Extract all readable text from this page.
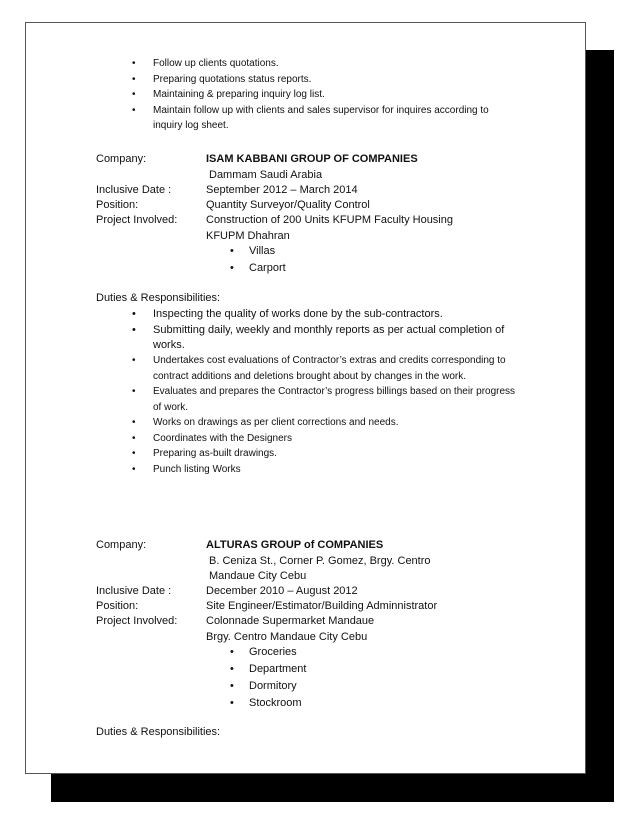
• Follow up clients quotations.
• Preparing quotations status reports.
• Maintaining & preparing inquiry log list.
• Maintain follow up with clients and sales supervisor for inquires according to
inquiry log sheet.
Company:	ISAM KABBANI GROUP OF COMPANIES
Dammam Saudi Arabia
Inclusive Date :	September 2012 – March 2014
Position:	Quantity Surveyor/Quality Control
Project Involved:	Construction of 200 Units KFUPM Faculty Housing
KFUPM Dhahran
• Villas
• Carport
Duties & Responsibilities:
• Inspecting the quality of works done by the sub-contractors.
• Submitting daily, weekly and monthly reports as per actual completion of
works.
• Undertakes cost evaluations of Contractor’s extras and credits corresponding to
contract additions and deletions brought about by changes in the work.
• Evaluates and prepares the Contractor’s progress billings based on their progress
of work.
• Works on drawings as per client corrections and needs.
• Coordinates with the Designers
• Preparing as-built drawings.
• Punch listing Works
Company:	ALTURAS GROUP of COMPANIES
B. Ceniza St., Corner P. Gomez, Brgy. Centro
Mandaue City Cebu
Inclusive Date :	December 2010 – August 2012
Position:	Site Engineer/Estimator/Building Adminnistrator
Project Involved:	Colonnade Supermarket Mandaue
Brgy. Centro Mandaue City Cebu
• Groceries
• Department
• Dormitory
• Stockroom
Duties & Responsibilities:
